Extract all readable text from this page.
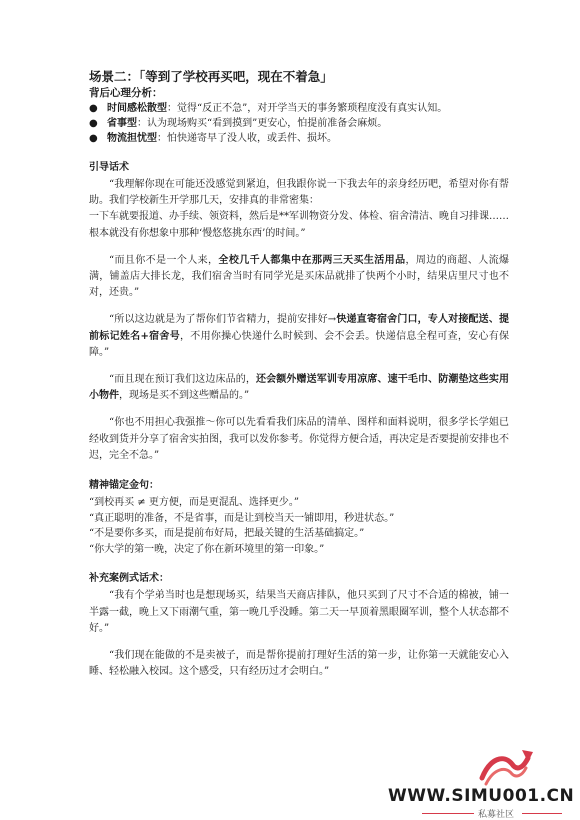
场景二：「等到了学校再买吧，现在不着急」

背后心理分析：

● 时间感松散型：觉得“反正不急”，对开学当天的事务繁琐程度没有真实认知。

● 省事型：认为现场购买“看到摸到”更安心，怕提前准备会麻烦。

● 物流担忧型：怕快递寄早了没人收，或丢件、损坏。

引导话术

“我理解你现在可能还没感觉到紧迫，但我跟你说一下我去年的亲身经历吧，希望对你有帮助。我们学校新生开学那几天，安排真的非常密集：

一下车就要报道、办手续、领资料，然后是**军训物资分发、体检、宿舍清洁、晚自习排课……

根本就没有你想象中那种‘慢悠悠挑东西’的时间。”

“而且你不是一个人来，全校几千人都集中在那两三天买生活用品，周边的商超、人流爆满，铺盖店大排长龙，我们宿舍当时有同学光是买床品就排了快两个小时，结果店里尺寸也不对，还贵。”

“所以这边就是为了帮你们节省精力，提前安排好→快递直寄宿舍门口，专人对接配送、提前标记姓名+宿舍号，不用你操心快递什么时候到、会不会丢。快递信息全程可查，安心有保障。”

“而且现在预订我们这边床品的，还会额外赠送军训专用凉席、速干毛巾、防潮垫这些实用小物件，现场是买不到这些赠品的。”

“你也不用担心我强推～你可以先看看我们床品的清单、图样和面料说明，很多学长学姐已经收到货并分享了宿舍实拍图，我可以发你参考。你觉得方便合适，再决定是否要提前安排也不迟，完全不急。”

精神锚定金句：

“到校再买 ≠ 更方便，而是更混乱、选择更少。”

“真正聪明的准备，不是省事，而是让到校当天一铺即用，秒进状态。”

“不是要你多买，而是提前布好局，把最关键的生活基础搞定。”

“你大学的第一晚，决定了你在新环境里的第一印象。”

补充案例式话术：

“我有个学弟当时也是想现场买，结果当天商店排队，他只买到了尺寸不合适的棉被，铺一半露一截，晚上又下雨潮气重，第一晚几乎没睡。第二天一早顶着黑眼圈军训，整个人状态都不好。”

“我们现在能做的不是卖被子，而是帮你提前打理好生活的第一步，让你第一天就能安心入睡、轻松融入校园。这个感受，只有经历过才会明白。”

WWW.SIMU001.CN
私募社区
